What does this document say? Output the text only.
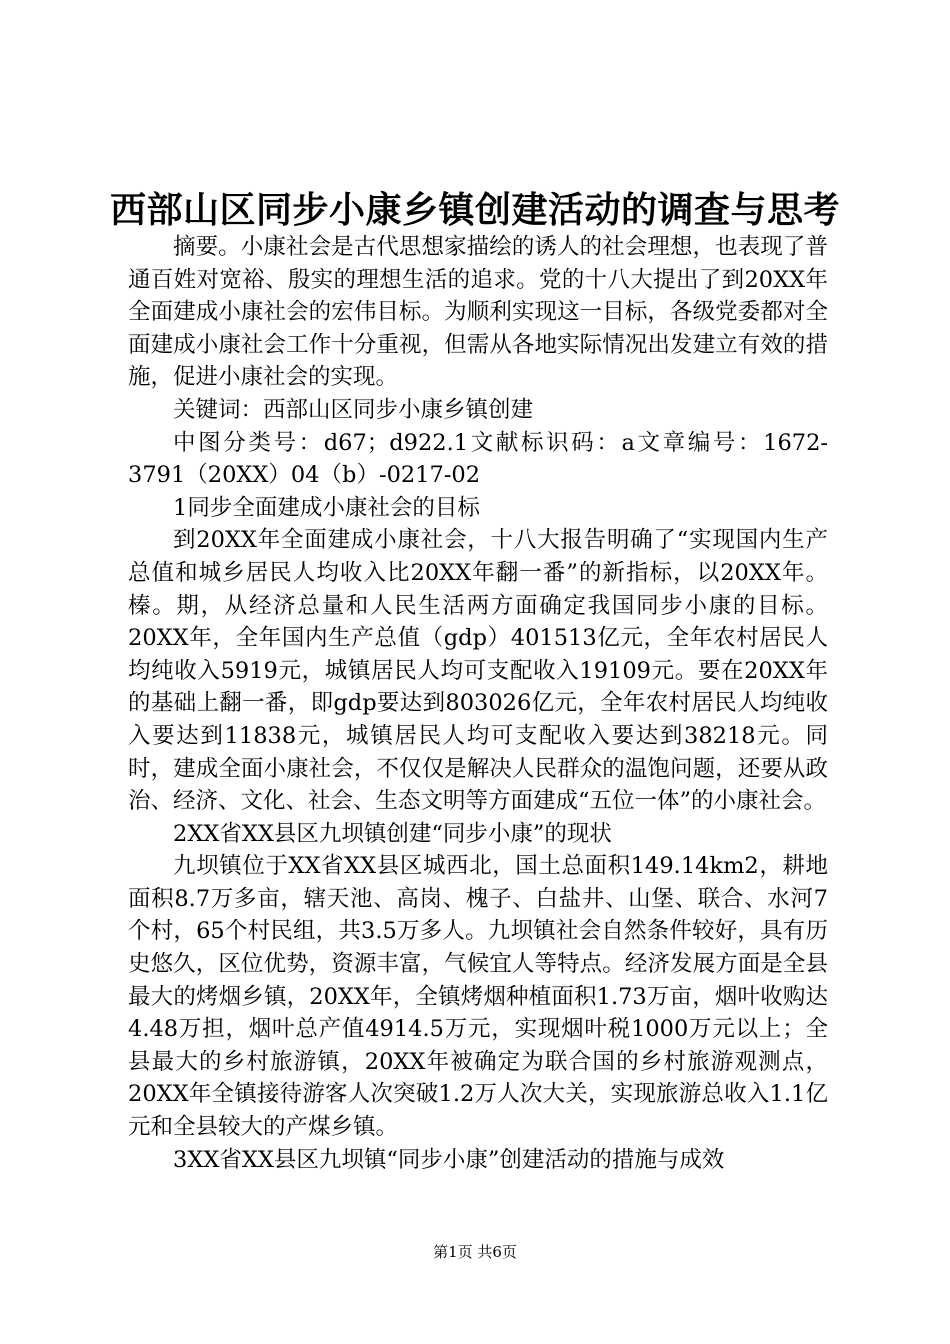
西部山区同步小康乡镇创建活动的调查与思考

摘要。小康社会是古代思想家描绘的诱人的社会理想，也表现了普通百姓对宽裕、殷实的理想生活的追求。党的十八大提出了到20XX年全面建成小康社会的宏伟目标。为顺利实现这一目标，各级党委都对全面建成小康社会工作十分重视，但需从各地实际情况出发建立有效的措施，促进小康社会的实现。

关键词：西部山区同步小康乡镇创建

中图分类号：d67；d922.1文献标识码：a文章编号：1672-3791（20XX）04（b）-0217-02

1同步全面建成小康社会的目标

到20XX年全面建成小康社会，十八大报告明确了“实现国内生产总值和城乡居民人均收入比20XX年翻一番”的新指标，以20XX年。榛。期，从经济总量和人民生活两方面确定我国同步小康的目标。20XX年，全年国内生产总值（gdp）401513亿元，全年农村居民人均纯收入5919元，城镇居民人均可支配收入19109元。要在20XX年的基础上翻一番，即gdp要达到803026亿元，全年农村居民人均纯收入要达到11838元，城镇居民人均可支配收入要达到38218元。同时，建成全面小康社会，不仅仅是解决人民群众的温饱问题，还要从政治、经济、文化、社会、生态文明等方面建成“五位一体”的小康社会。

2XX省XX县区九坝镇创建“同步小康”的现状

九坝镇位于XX省XX县区城西北，国土总面积149.14km2，耕地面积8.7万多亩，辖天池、高岗、槐子、白盐井、山堡、联合、水河7个村，65个村民组，共3.5万多人。九坝镇社会自然条件较好，具有历史悠久，区位优势，资源丰富，气候宜人等特点。经济发展方面是全县最大的烤烟乡镇，20XX年，全镇烤烟种植面积1.73万亩，烟叶收购达4.48万担，烟叶总产值4914.5万元，实现烟叶税1000万元以上；全县最大的乡村旅游镇，20XX年被确定为联合国的乡村旅游观测点，20XX年全镇接待游客人次突破1.2万人次大关，实现旅游总收入1.1亿元和全县较大的产煤乡镇。

3XX省XX县区九坝镇“同步小康”创建活动的措施与成效

第1页 共6页
